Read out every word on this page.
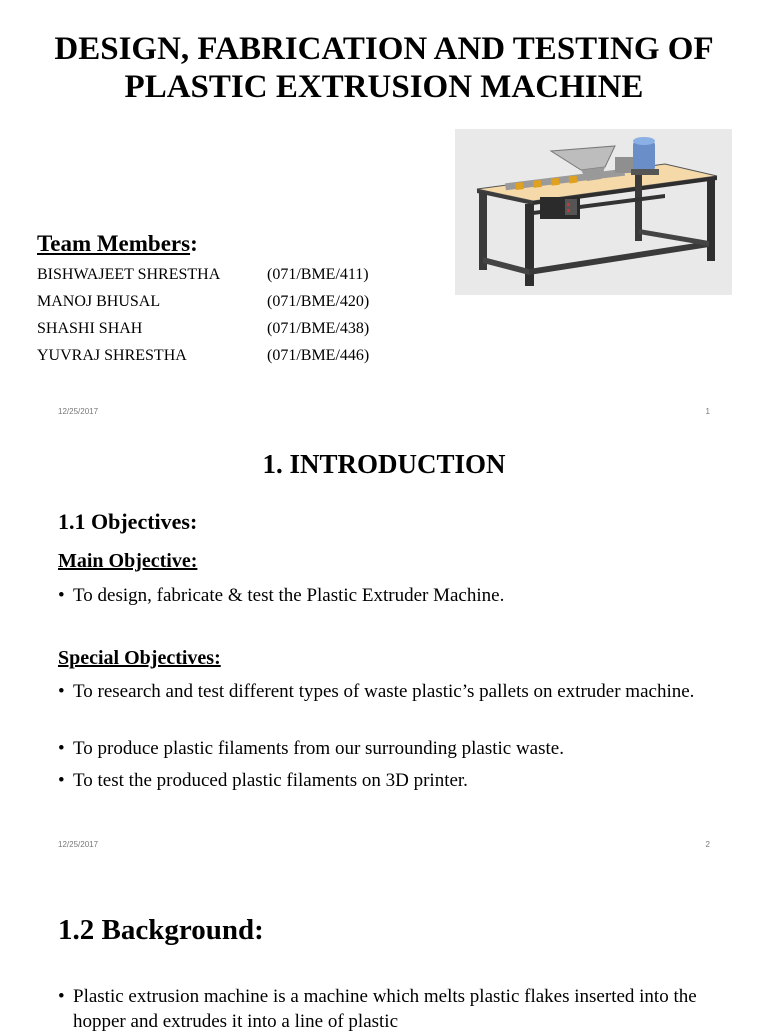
DESIGN, FABRICATION AND TESTING OF
PLASTIC EXTRUSION MACHINE
Team Members:
BISHWAJEET SHRESTHA	(071/BME/411)
MANOJ BHUSAL	(071/BME/420)
SHASHI SHAH	(071/BME/438)
YUVRAJ SHRESTHA	(071/BME/446)
12/25/2017	1
1. INTRODUCTION
1.1 Objectives:
Main Objective:
• To design, fabricate & test the Plastic Extruder Machine.
Special Objectives:
• To research and test different types of waste plastic’s pallets on extruder machine.
• To produce plastic filaments from our surrounding plastic waste.
• To test the produced plastic filaments on 3D printer.
12/25/2017	2
1.2 Background:
• Plastic extrusion machine is a machine which melts plastic flakes inserted into the hopper and extrudes it into a line of plastic
